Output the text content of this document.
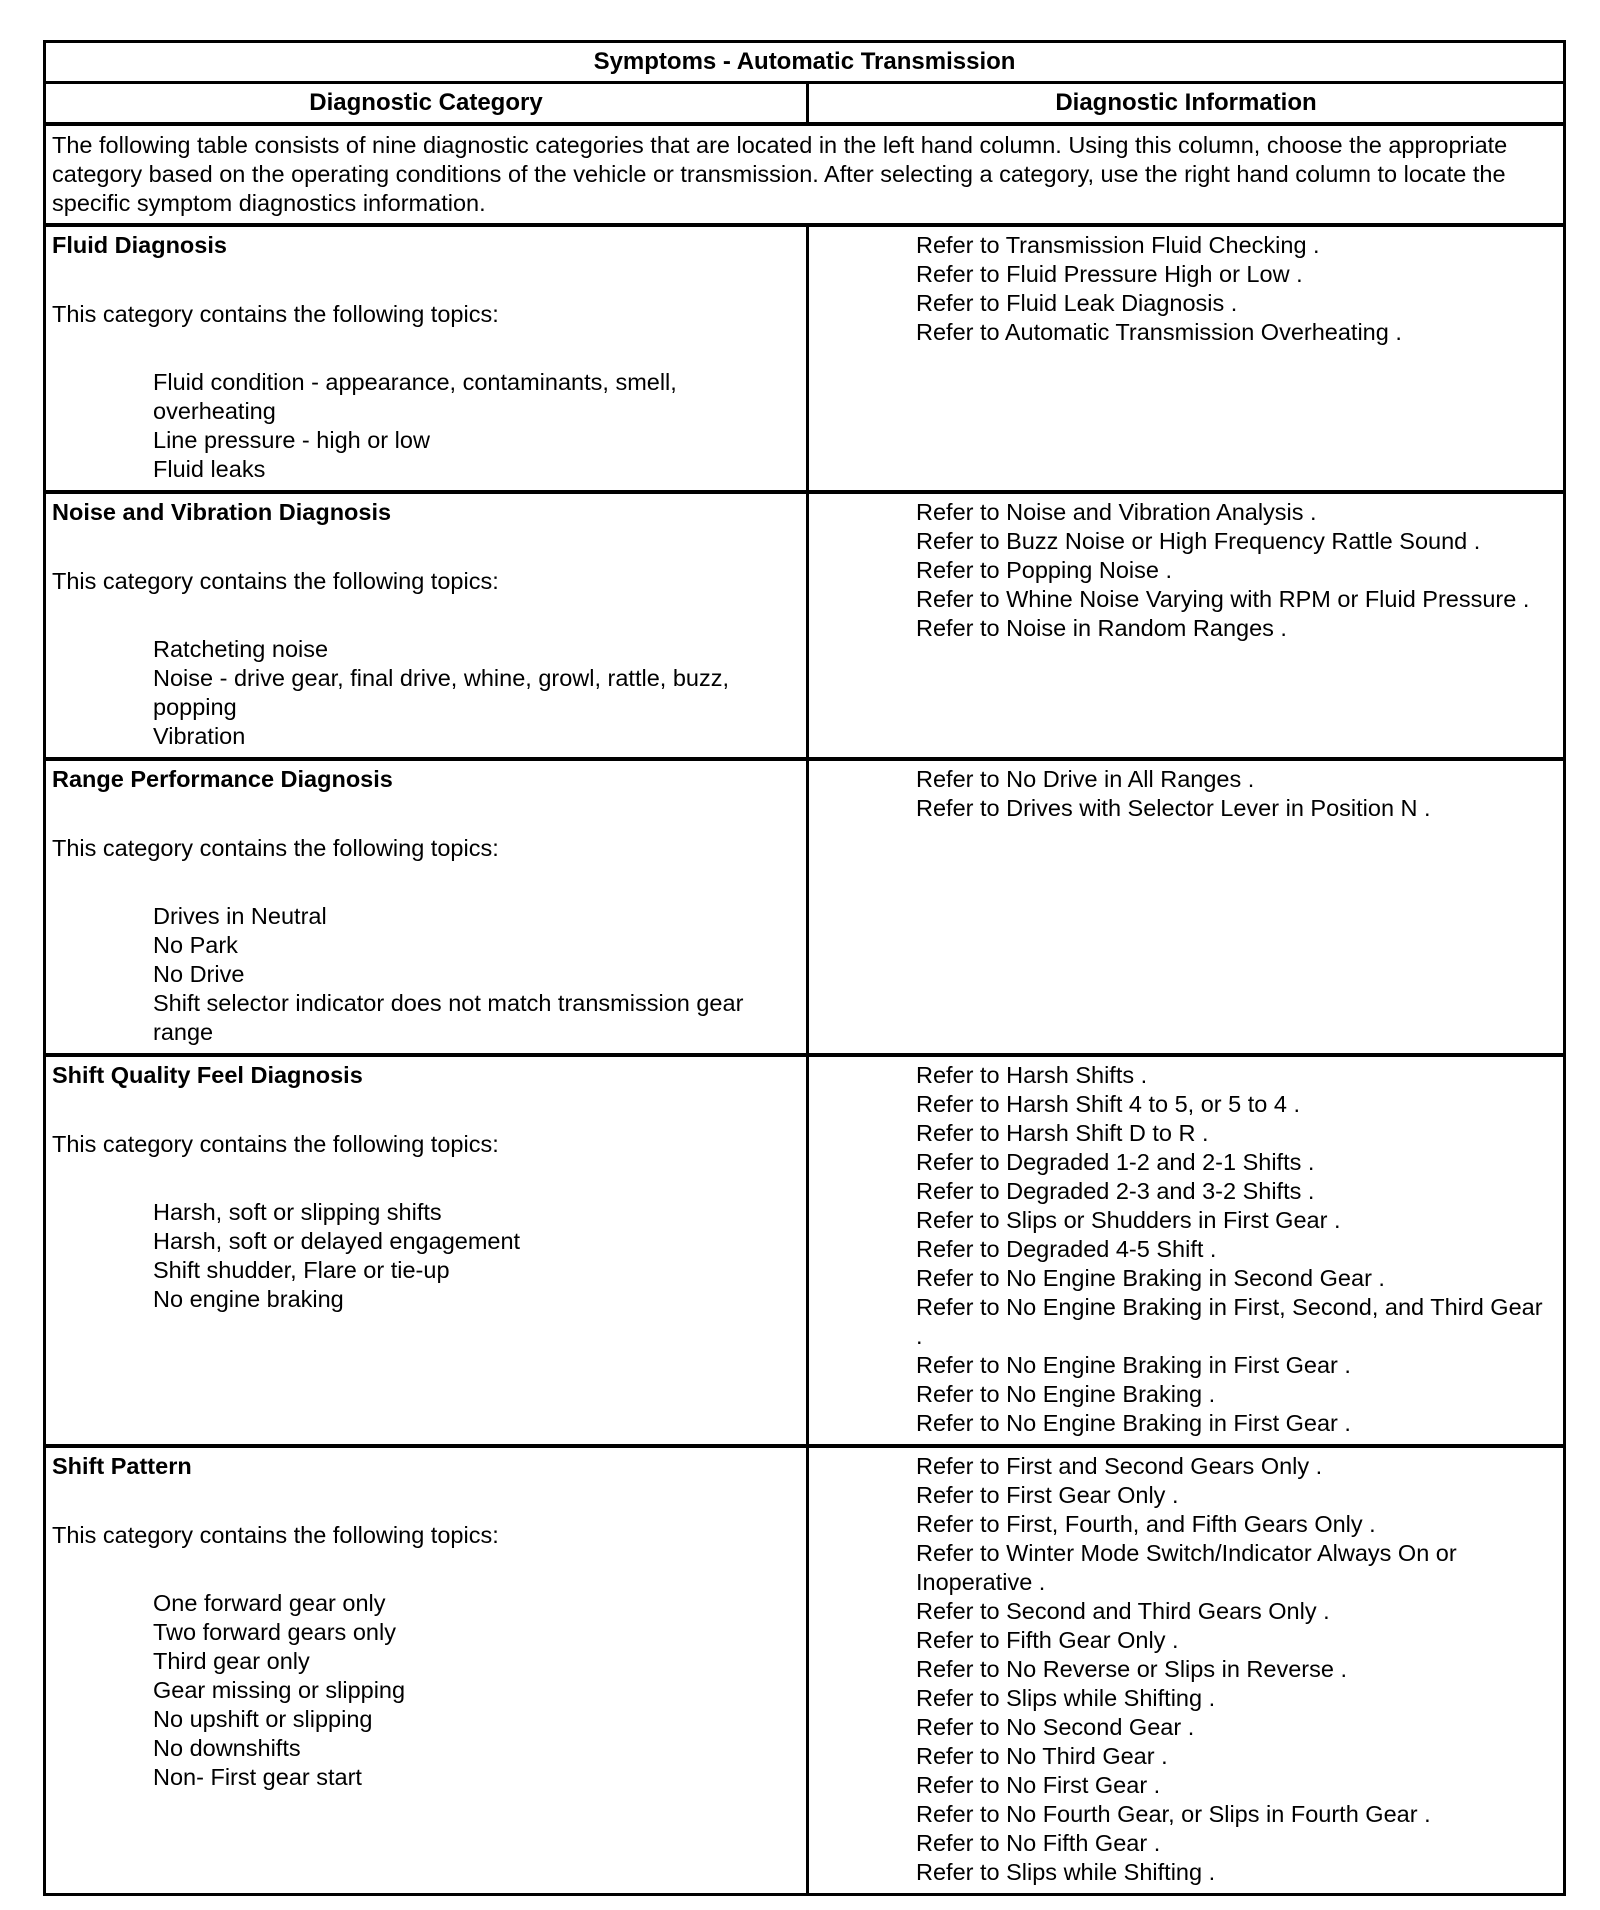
Symptoms - Automatic Transmission
Diagnostic Category	Diagnostic Information
The following table consists of nine diagnostic categories that are located in the left hand column. Using this column, choose the appropriate category based on the operating conditions of the vehicle or transmission. After selecting a category, use the right hand column to locate the specific symptom diagnostics information.
Fluid Diagnosis
This category contains the following topics:
Fluid condition - appearance, contaminants, smell, overheating
Line pressure - high or low
Fluid leaks
Refer to Transmission Fluid Checking .
Refer to Fluid Pressure High or Low .
Refer to Fluid Leak Diagnosis .
Refer to Automatic Transmission Overheating .
Noise and Vibration Diagnosis
This category contains the following topics:
Ratcheting noise
Noise - drive gear, final drive, whine, growl, rattle, buzz, popping
Vibration
Refer to Noise and Vibration Analysis .
Refer to Buzz Noise or High Frequency Rattle Sound .
Refer to Popping Noise .
Refer to Whine Noise Varying with RPM or Fluid Pressure .
Refer to Noise in Random Ranges .
Range Performance Diagnosis
This category contains the following topics:
Drives in Neutral
No Park
No Drive
Shift selector indicator does not match transmission gear range
Refer to No Drive in All Ranges .
Refer to Drives with Selector Lever in Position N .
Shift Quality Feel Diagnosis
This category contains the following topics:
Harsh, soft or slipping shifts
Harsh, soft or delayed engagement
Shift shudder, Flare or tie-up
No engine braking
Refer to Harsh Shifts .
Refer to Harsh Shift 4 to 5, or 5 to 4 .
Refer to Harsh Shift D to R .
Refer to Degraded 1-2 and 2-1 Shifts .
Refer to Degraded 2-3 and 3-2 Shifts .
Refer to Slips or Shudders in First Gear .
Refer to Degraded 4-5 Shift .
Refer to No Engine Braking in Second Gear .
Refer to No Engine Braking in First, Second, and Third Gear .
Refer to No Engine Braking in First Gear .
Refer to No Engine Braking .
Refer to No Engine Braking in First Gear .
Shift Pattern
This category contains the following topics:
One forward gear only
Two forward gears only
Third gear only
Gear missing or slipping
No upshift or slipping
No downshifts
Non- First gear start
Refer to First and Second Gears Only .
Refer to First Gear Only .
Refer to First, Fourth, and Fifth Gears Only .
Refer to Winter Mode Switch/Indicator Always On or Inoperative .
Refer to Second and Third Gears Only .
Refer to Fifth Gear Only .
Refer to No Reverse or Slips in Reverse .
Refer to Slips while Shifting .
Refer to No Second Gear .
Refer to No Third Gear .
Refer to No First Gear .
Refer to No Fourth Gear, or Slips in Fourth Gear .
Refer to No Fifth Gear .
Refer to Slips while Shifting .
